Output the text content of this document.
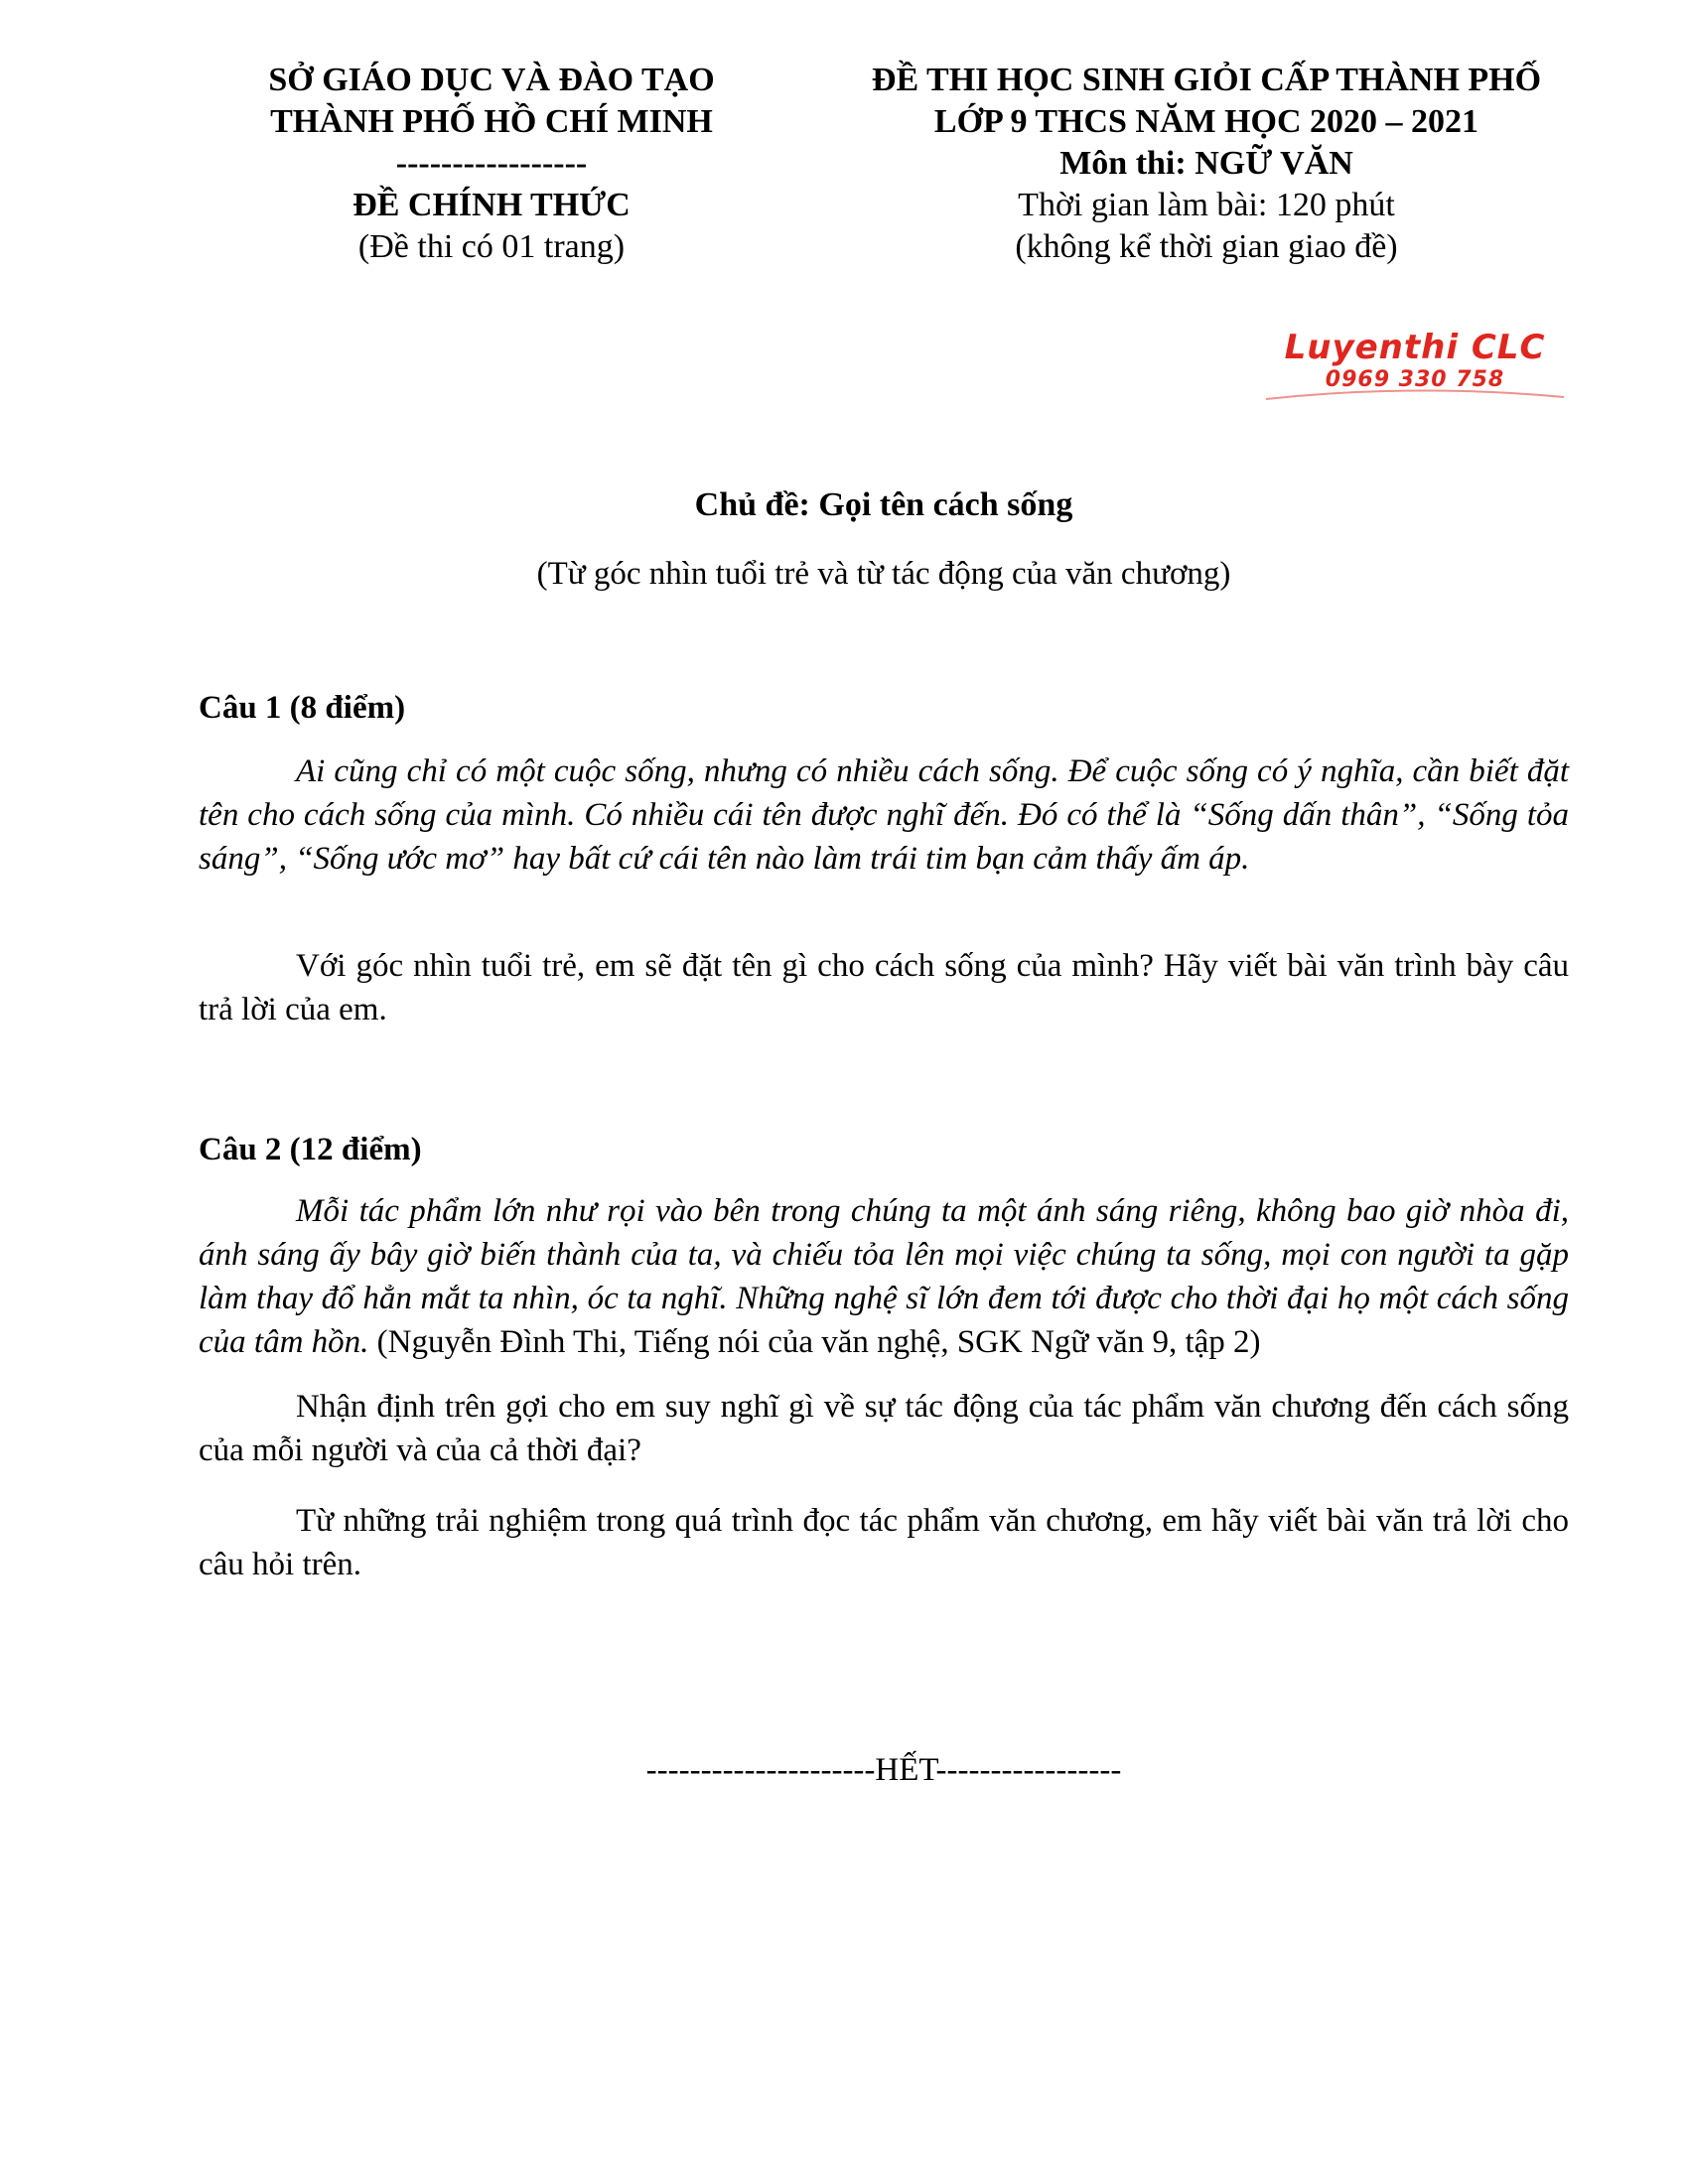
SỞ GIÁO DỤC VÀ ĐÀO TẠO
THÀNH PHỐ HỒ CHÍ MINH
-----------------
ĐỀ CHÍNH THỨC
(Đề thi có 01 trang)
ĐỀ THI HỌC SINH GIỎI CẤP THÀNH PHỐ
LỚP 9 THCS NĂM HỌC 2020 – 2021
Môn thi: NGỮ VĂN
Thời gian làm bài: 120 phút
(không kể thời gian giao đề)
Luyenthi CLC
0969 330 758
Chủ đề: Gọi tên cách sống
(Từ góc nhìn tuổi trẻ và từ tác động của văn chương)
Câu 1 (8 điểm)

Ai cũng chỉ có một cuộc sống, nhưng có nhiều cách sống. Để cuộc sống có ý nghĩa, cần biết đặt tên cho cách sống của mình. Có nhiều cái tên được nghĩ đến. Đó có thể là “Sống dấn thân”, “Sống tỏa sáng”, “Sống ước mơ” hay bất cứ cái tên nào làm trái tim bạn cảm thấy ấm áp.

Với góc nhìn tuổi trẻ, em sẽ đặt tên gì cho cách sống của mình? Hãy viết bài văn trình bày câu trả lời của em.

Câu 2 (12 điểm)

Mỗi tác phẩm lớn như rọi vào bên trong chúng ta một ánh sáng riêng, không bao giờ nhòa đi, ánh sáng ấy bây giờ biến thành của ta, và chiếu tỏa lên mọi việc chúng ta sống, mọi con người ta gặp làm thay đổ hẳn mắt ta nhìn, óc ta nghĩ. Những nghệ sĩ lớn đem tới được cho thời đại họ một cách sống của tâm hồn. (Nguyễn Đình Thi, Tiếng nói của văn nghệ, SGK Ngữ văn 9, tập 2)

Nhận định trên gợi cho em suy nghĩ gì về sự tác động của tác phẩm văn chương đến cách sống của mỗi người và của cả thời đại?

Từ những trải nghiệm trong quá trình đọc tác phẩm văn chương, em hãy viết bài văn trả lời cho câu hỏi trên.

---------------------HẾT-----------------
